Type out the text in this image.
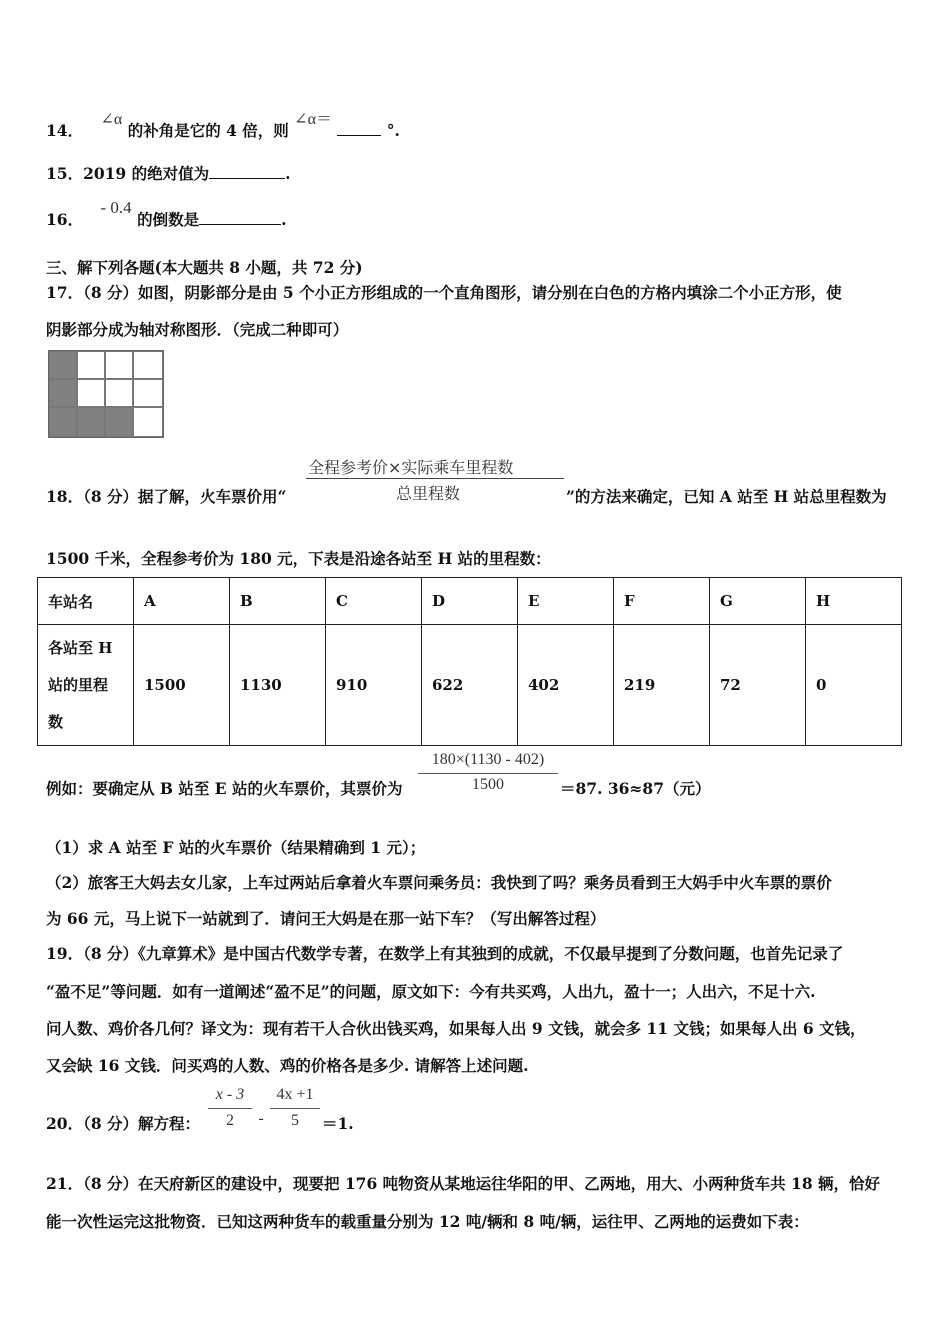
14． ∠α 的补角是它的 4 倍，则 ∠α＝  °.
15．2019 的绝对值为	.
16． - 0.4 的倒数是	.
三、解下列各题(本大题共 8 小题，共 72 分)
17．（8 分）如图，阴影部分是由 5 个小正方形组成的一个直角图形，请分别在白色的方格内填涂二个小正方形，使
阴影部分成为轴对称图形．（完成二种即可）
全程参考价×实际乘车里程数
总里程数
18．（8 分）据了解，火车票价用“	”的方法来确定，已知 A 站至 H 站总里程数为
1500 千米，全程参考价为 180 元，下表是沿途各站至 H 站的里程数：
车站名	A	B	C	D	E	F	G	H

各站至 H
站的里程
数	1500	1130	910	622	402	219	72	0
180×(1130 - 402)
1500
例如：要确定从 B 站至 E 站的火车票价，其票价为	＝87. 36≈87（元）
（1）求 A 站至 F 站的火车票价（结果精确到 1 元）；
（2）旅客王大妈去女儿家，上车过两站后拿着火车票问乘务员：我快到了吗？乘务员看到王大妈手中火车票的票价
为 66 元，马上说下一站就到了．请问王大妈是在那一站下车？（写出解答过程）
19．（8 分）《九章算术》是中国古代数学专著，在数学上有其独到的成就，不仅最早提到了分数问题，也首先记录了
“盈不足”等问题．如有一道阐述“盈不足”的问题，原文如下：今有共买鸡，人出九，盈十一；人出六，不足十六.
问人数、鸡价各几何？译文为：现有若干人合伙出钱买鸡，如果每人出 9 文钱，就会多 11 文钱；如果每人出 6 文钱，
又会缺 16 文钱．问买鸡的人数、鸡的价格各是多少. 请解答上述问题.
20．（8 分）解方程：
x - 3
2	-
4x +1
5	＝1.
21．（8 分）在天府新区的建设中，现要把 176 吨物资从某地运往华阳的甲、乙两地，用大、小两种货车共 18 辆，恰好
能一次性运完这批物资．已知这两种货车的载重量分别为 12 吨/辆和 8 吨/辆，运往甲、乙两地的运费如下表：
